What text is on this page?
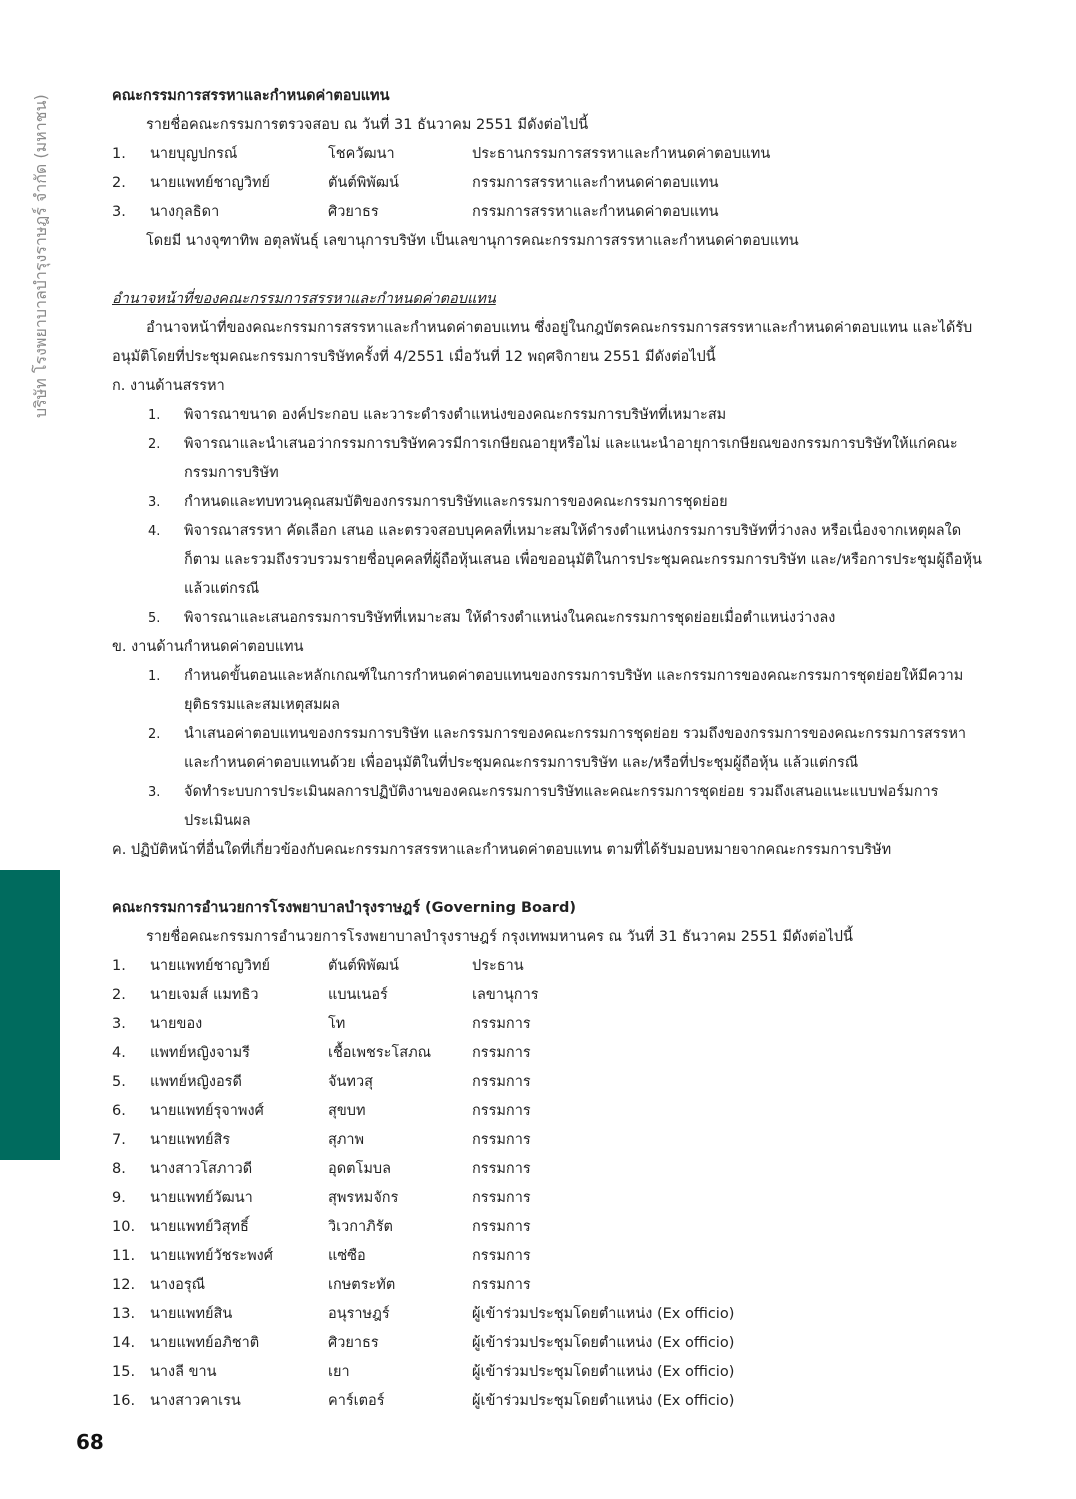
บริษัท โรงพยาบาลบำรุงราษฎร์ จำกัด (มหาชน)
68

คณะกรรมการสรรหาและกำหนดค่าตอบแทน

รายชื่อคณะกรรมการตรวจสอบ ณ วันที่ 31 ธันวาคม 2551 มีดังต่อไปนี้

1.	นายบุญปกรณ์	โชควัฒนา	ประธานกรรมการสรรหาและกำหนดค่าตอบแทน
2.	นายแพทย์ชาญวิทย์	ตันต์พิพัฒน์	กรรมการสรรหาและกำหนดค่าตอบแทน
3.	นางกุลธิดา	ศิวยาธร	กรรมการสรรหาและกำหนดค่าตอบแทน

โดยมี นางจุฑาทิพ อตุลพันธุ์ เลขานุการบริษัท เป็นเลขานุการคณะกรรมการสรรหาและกำหนดค่าตอบแทน

อำนาจหน้าที่ของคณะกรรมการสรรหาและกำหนดค่าตอบแทน

อำนาจหน้าที่ของคณะกรรมการสรรหาและกำหนดค่าตอบแทน ซึ่งอยู่ในกฎบัตรคณะกรรมการสรรหาและกำหนดค่าตอบแทน และได้รับอนุมัติโดยที่ประชุมคณะกรรมการบริษัทครั้งที่ 4/2551 เมื่อวันที่ 12 พฤศจิกายน 2551 มีดังต่อไปนี้

ก. งานด้านสรรหา

1.	พิจารณาขนาด องค์ประกอบ และวาระดำรงตำแหน่งของคณะกรรมการบริษัทที่เหมาะสม
2.	พิจารณาและนำเสนอว่ากรรมการบริษัทควรมีการเกษียณอายุหรือไม่ และแนะนำอายุการเกษียณของกรรมการบริษัทให้แก่คณะกรรมการบริษัท
3.	กำหนดและทบทวนคุณสมบัติของกรรมการบริษัทและกรรมการของคณะกรรมการชุดย่อย
4.	พิจารณาสรรหา คัดเลือก เสนอ และตรวจสอบบุคคลที่เหมาะสมให้ดำรงตำแหน่งกรรมการบริษัทที่ว่างลง หรือเนื่องจากเหตุผลใดก็ตาม และรวมถึงรวบรวมรายชื่อบุคคลที่ผู้ถือหุ้นเสนอ เพื่อขออนุมัติในการประชุมคณะกรรมการบริษัท และ/หรือการประชุมผู้ถือหุ้น แล้วแต่กรณี
5.	พิจารณาและเสนอกรรมการบริษัทที่เหมาะสม ให้ดำรงตำแหน่งในคณะกรรมการชุดย่อยเมื่อตำแหน่งว่างลง

ข. งานด้านกำหนดค่าตอบแทน

1.	กำหนดขั้นตอนและหลักเกณฑ์ในการกำหนดค่าตอบแทนของกรรมการบริษัท และกรรมการของคณะกรรมการชุดย่อยให้มีความยุติธรรมและสมเหตุสมผล
2.	นำเสนอค่าตอบแทนของกรรมการบริษัท และกรรมการของคณะกรรมการชุดย่อย รวมถึงของกรรมการของคณะกรรมการสรรหาและกำหนดค่าตอบแทนด้วย เพื่ออนุมัติในที่ประชุมคณะกรรมการบริษัท และ/หรือที่ประชุมผู้ถือหุ้น แล้วแต่กรณี
3.	จัดทำระบบการประเมินผลการปฏิบัติงานของคณะกรรมการบริษัทและคณะกรรมการชุดย่อย รวมถึงเสนอแนะแบบฟอร์มการประเมินผล

ค. ปฏิบัติหน้าที่อื่นใดที่เกี่ยวข้องกับคณะกรรมการสรรหาและกำหนดค่าตอบแทน ตามที่ได้รับมอบหมายจากคณะกรรมการบริษัท

คณะกรรมการอำนวยการโรงพยาบาลบำรุงราษฎร์ (Governing Board)

รายชื่อคณะกรรมการอำนวยการโรงพยาบาลบำรุงราษฎร์ กรุงเทพมหานคร ณ วันที่ 31 ธันวาคม 2551 มีดังต่อไปนี้

1.	นายแพทย์ชาญวิทย์	ตันต์พิพัฒน์	ประธาน
2.	นายเจมส์ แมทธิว	แบนเนอร์	เลขานุการ
3.	นายของ	โท	กรรมการ
4.	แพทย์หญิงจามรี	เชื้อเพชระโสภณ	กรรมการ
5.	แพทย์หญิงอรดี	จันทวสุ	กรรมการ
6.	นายแพทย์รุจาพงศ์	สุขบท	กรรมการ
7.	นายแพทย์สิร	สุภาพ	กรรมการ
8.	นางสาวโสภาวดี	อุดตโมบล	กรรมการ
9.	นายแพทย์วัฒนา	สุพรหมจักร	กรรมการ
10.	นายแพทย์วิสุทธิ์	วิเวกาภิรัต	กรรมการ
11.	นายแพทย์วัชระพงศ์	แซ่ซือ	กรรมการ
12.	นางอรุณี	เกษตระทัต	กรรมการ
13.	นายแพทย์สิน	อนุราษฎร์	ผู้เข้าร่วมประชุมโดยตำแหน่ง (Ex officio)
14.	นายแพทย์อภิชาติ	ศิวยาธร	ผู้เข้าร่วมประชุมโดยตำแหน่ง (Ex officio)
15.	นางลี ขาน	เยา	ผู้เข้าร่วมประชุมโดยตำแหน่ง (Ex officio)
16.	นางสาวคาเรน	คาร์เตอร์	ผู้เข้าร่วมประชุมโดยตำแหน่ง (Ex officio)
